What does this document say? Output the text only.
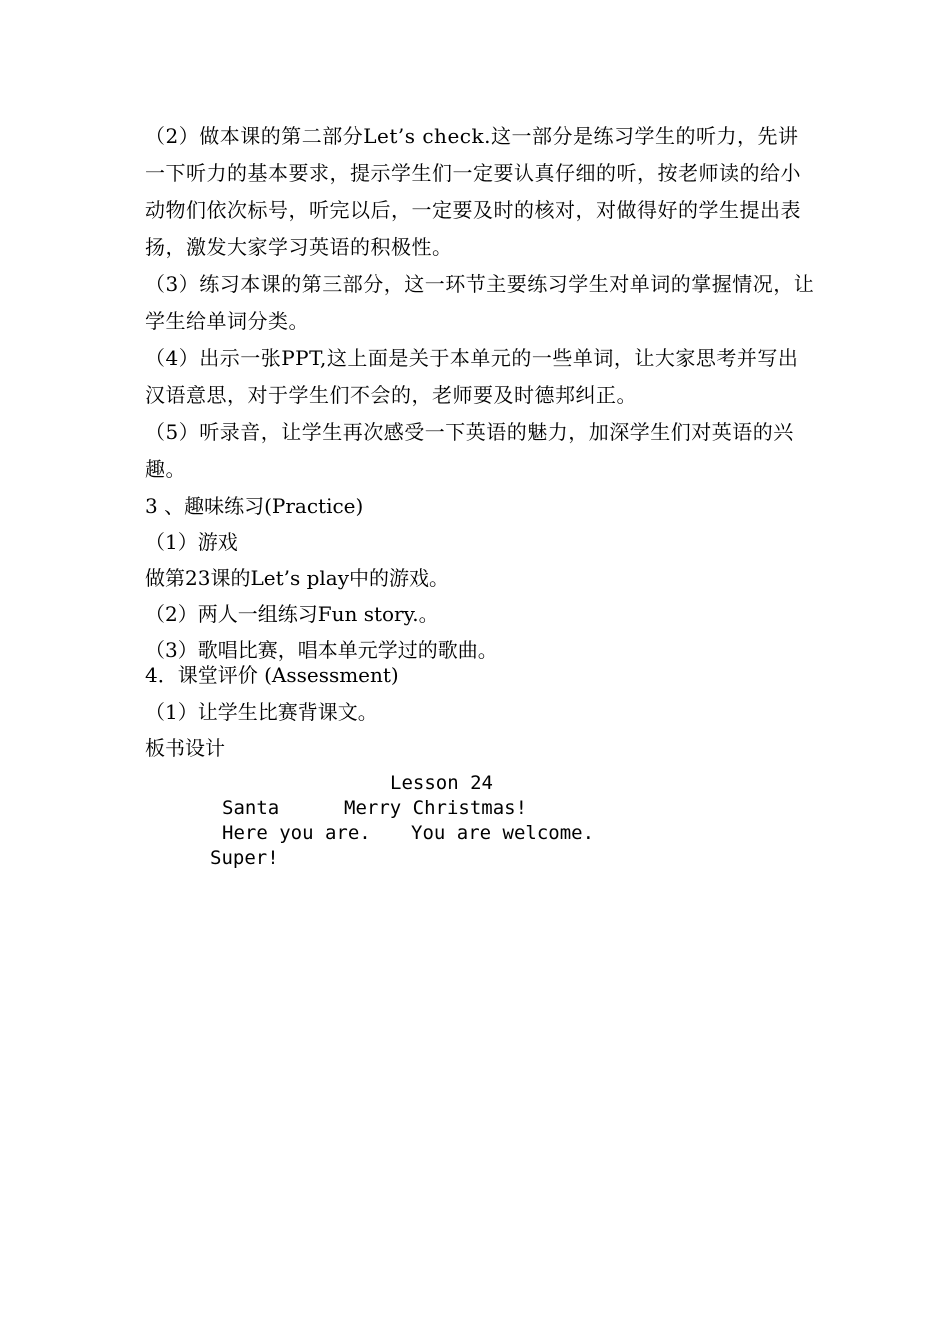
（2）做本课的第二部分Let’s check.这一部分是练习学生的听力，先讲一下听力的基本要求，提示学生们一定要认真仔细的听，按老师读的给小动物们依次标号，听完以后，一定要及时的核对，对做得好的学生提出表扬，激发大家学习英语的积极性。
（3）练习本课的第三部分，这一环节主要练习学生对单词的掌握情况，让学生给单词分类。
（4）出示一张PPT,这上面是关于本单元的一些单词，让大家思考并写出汉语意思，对于学生们不会的，老师要及时德邦纠正。
（5）听录音，让学生再次感受一下英语的魅力，加深学生们对英语的兴趣。
3 、趣味练习(Practice)
（1）游戏
做第23课的Let’s play中的游戏。
（2）两人一组练习Fun story.。
（3）歌唱比赛，唱本单元学过的歌曲。
4．课堂评价 (Assessment)
（1）让学生比赛背课文。
板书设计
Lesson 24
Santa	Merry Christmas!
Here you are. You are welcome.
Super!
